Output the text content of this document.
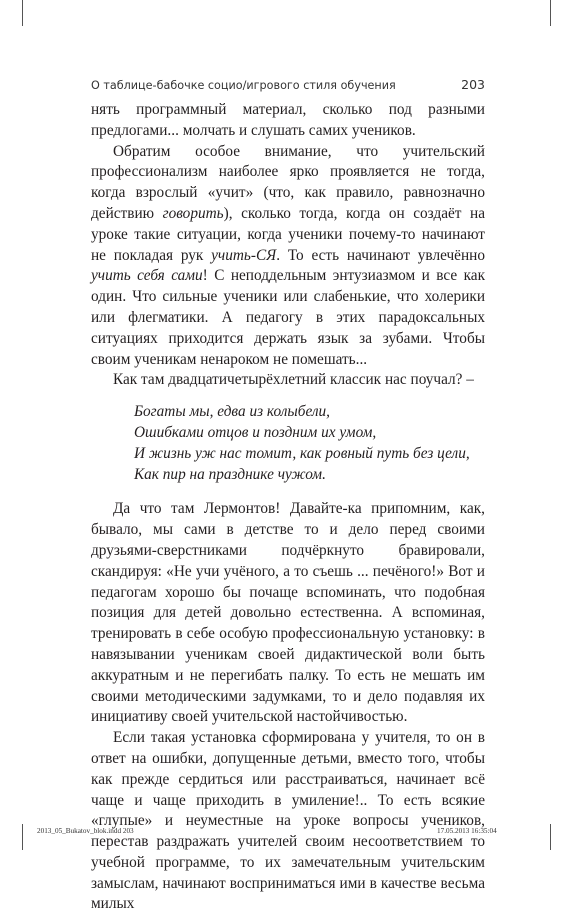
О таблице-бабочке социо/игрового стиля обучения	203

нять программный материал, сколько под разными предлогами... молчать и слушать самих учеников.

Обратим особое внимание, что учительский профессионализм наиболее ярко проявляется не тогда, когда взрослый «учит» (что, как правило, равнозначно действию говорить), сколько тогда, когда он создаёт на уроке такие ситуации, когда ученики почему-то начинают не покладая рук учить-СЯ. То есть начинают увлечённо учить себя сами! С неподдельным энтузиазмом и все как один. Что сильные ученики или слабенькие, что холерики или флегматики. А педагогу в этих парадоксальных ситуациях приходится держать язык за зубами. Чтобы своим ученикам ненароком не помешать...

Как там двадцатичетырёхлетний классик нас поучал? –

Богаты мы, едва из колыбели,
Ошибками отцов и поздним их умом,
И жизнь уж нас томит, как ровный путь без цели,
Как пир на празднике чужом.

Да что там Лермонтов! Давайте-ка припомним, как, бывало, мы сами в детстве то и дело перед своими друзьями-сверстниками подчёркнуто бравировали, скандируя: «Не учи учёного, а то съешь ... печёного!» Вот и педагогам хорошо бы почаще вспоминать, что подобная позиция для детей довольно естественна. А вспоминая, тренировать в себе особую профессиональную установку: в навязывании ученикам своей дидактической воли быть аккуратным и не перегибать палку. То есть не мешать им своими методическими задумками, то и дело подавляя их инициативу своей учительской настойчивостью.

Если такая установка сформирована у учителя, то он в ответ на ошибки, допущенные детьми, вместо того, чтобы как прежде сердиться или расстраиваться, начинает всё чаще и чаще приходить в умиление!.. То есть всякие «глупые» и неуместные на уроке вопросы учеников, перестав раздражать учителей своим несоответствием то учебной программе, то их замечательным учительским замыслам, начинают восприниматься ими в качестве весьма милых

2013_05_Bukatov_blok.indd 203	17.05.2013 16:35:04
